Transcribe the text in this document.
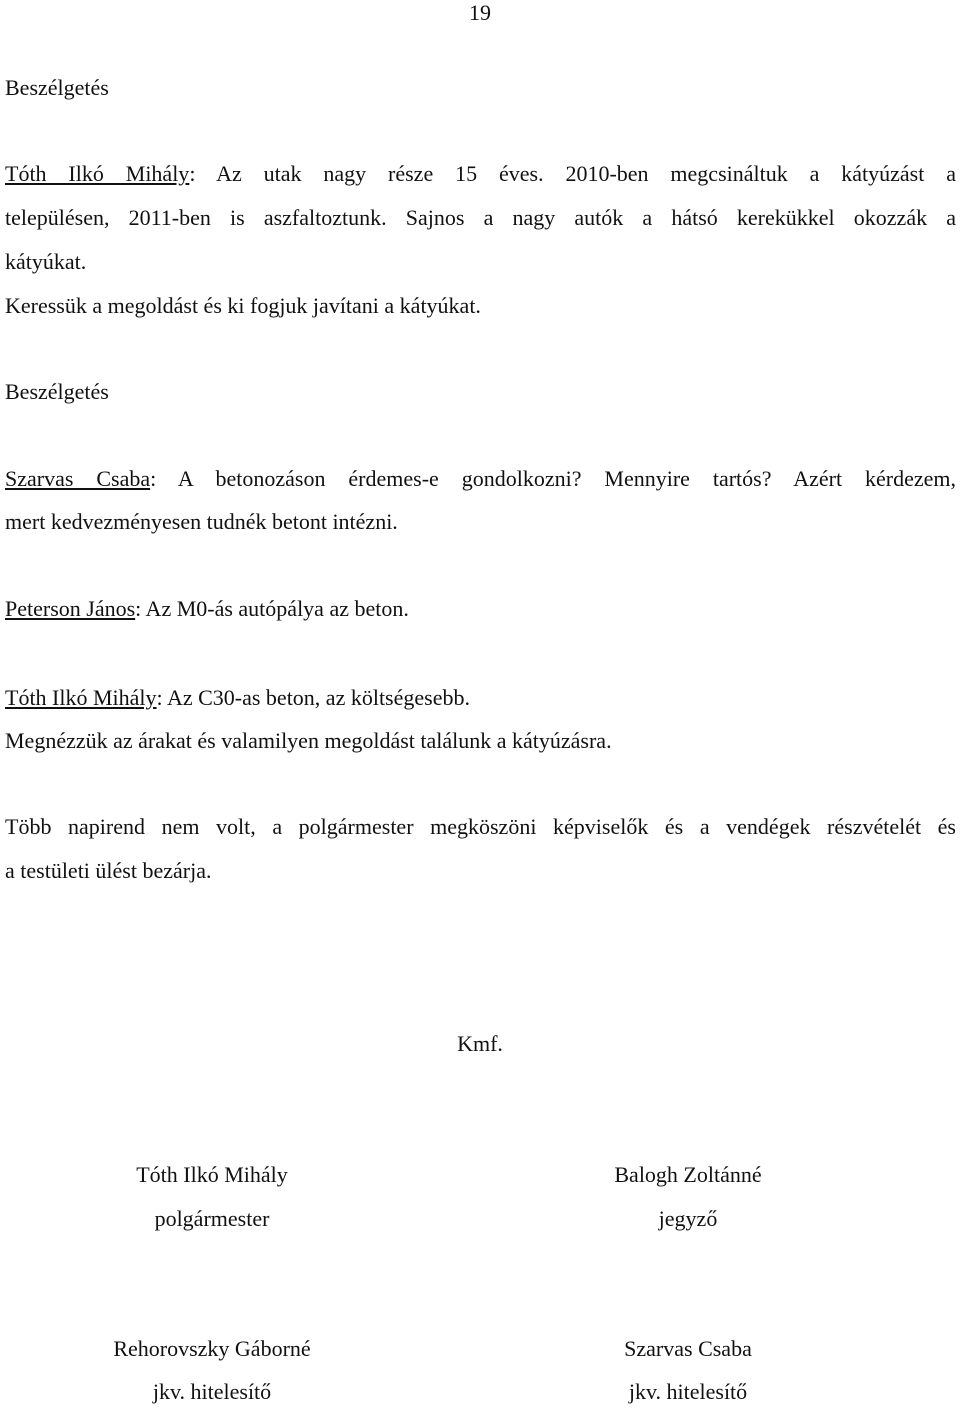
19
Beszélgetés
Tóth Ilkó Mihály: Az utak nagy része 15 éves. 2010-ben megcsináltuk a kátyúzást a
településen, 2011-ben is aszfaltoztunk. Sajnos a nagy autók a hátsó kerekükkel okozzák a
kátyúkat.
Keressük a megoldást és ki fogjuk javítani a kátyúkat.
Beszélgetés
Szarvas Csaba: A betonozáson érdemes-e gondolkozni? Mennyire tartós? Azért kérdezem,
mert kedvezményesen tudnék betont intézni.
Peterson János: Az M0-ás autópálya az beton.
Tóth Ilkó Mihály: Az C30-as beton, az költségesebb.
Megnézzük az árakat és valamilyen megoldást találunk a kátyúzásra.
Több napirend nem volt, a polgármester megköszöni képviselők és a vendégek részvételét és
a testületi ülést bezárja.
Kmf.
Tóth Ilkó Mihály
polgármester
Balogh Zoltánné
jegyző
Rehorovszky Gáborné
jkv. hitelesítő
Szarvas Csaba
jkv. hitelesítő
